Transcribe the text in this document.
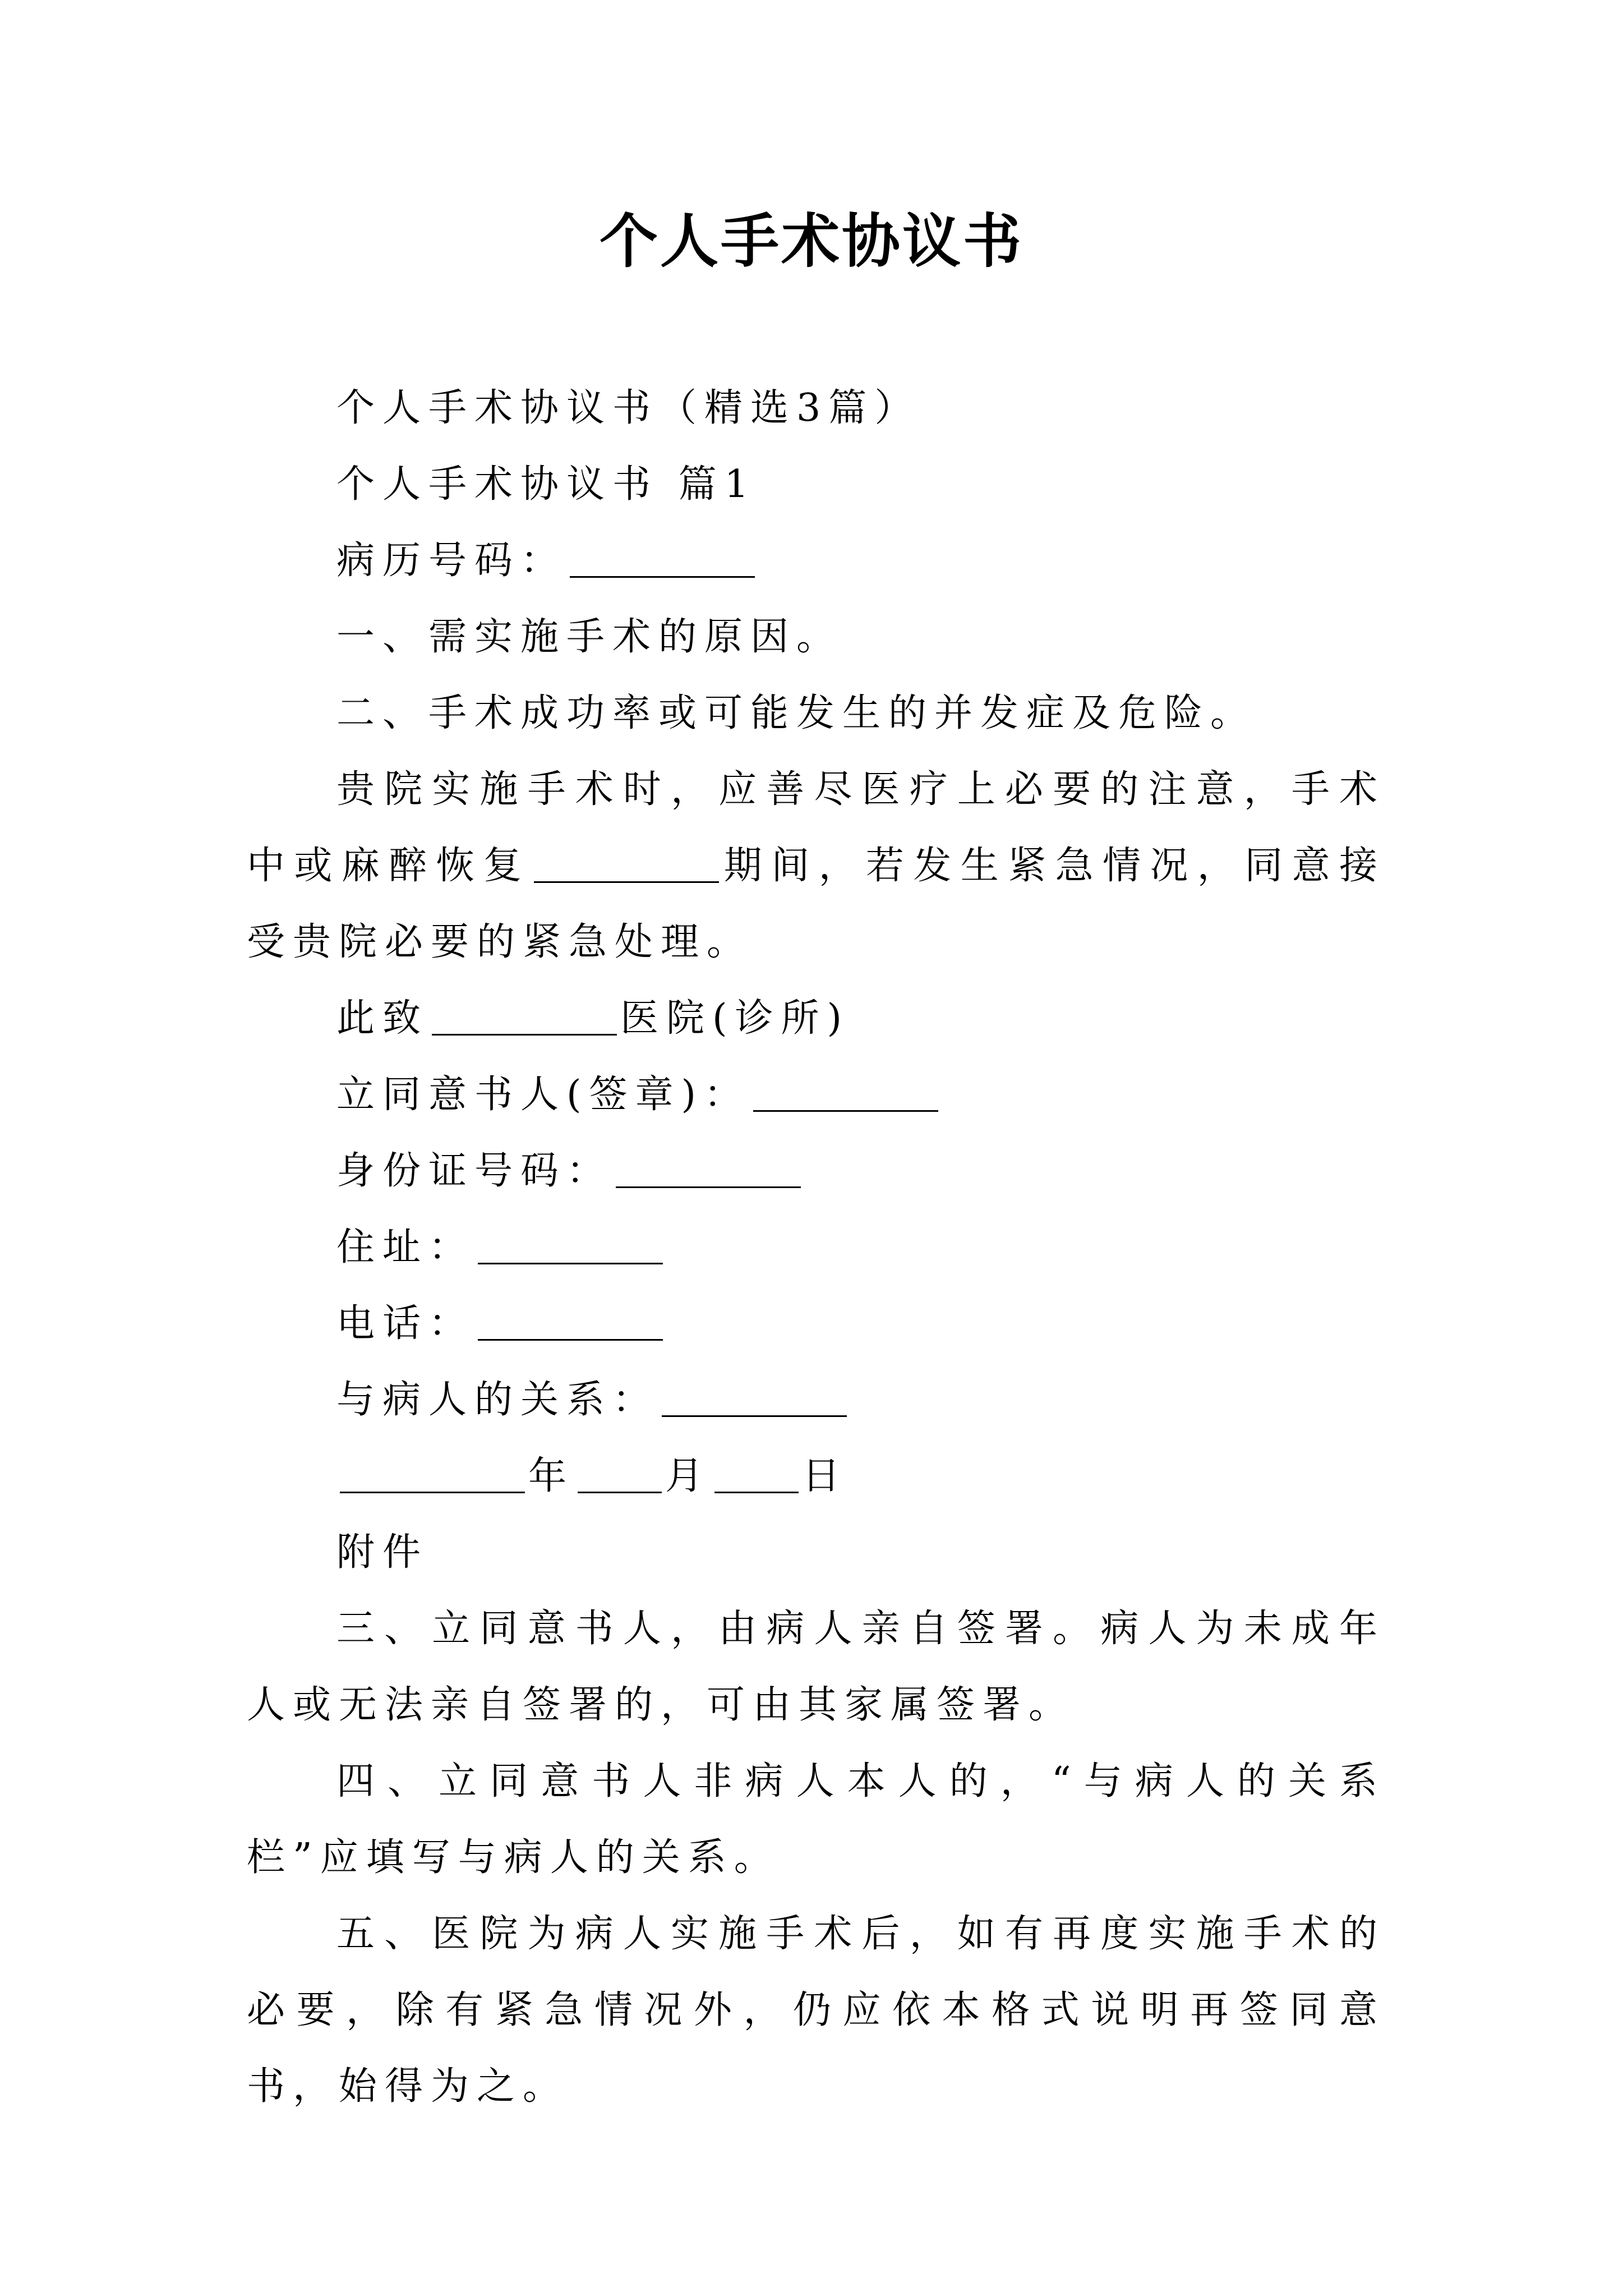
个人手术协议书

个人手术协议书（精选3篇）

个人手术协议书 篇1

病历号码：

一、需实施手术的原因。

二、手术成功率或可能发生的并发症及危险。

贵院实施手术时，应善尽医疗上必要的注意，手术中或麻醉恢复	期间，若发生紧急情况，同意接受贵院必要的紧急处理。

此致	医院(诊所)

立同意书人(签章)：

身份证号码：

住址：

电话：

与病人的关系：

年 月 日

附件

三、立同意书人，由病人亲自签署。病人为未成年人或无法亲自签署的，可由其家属签署。

四、立同意书人非病人本人的，“与病人的关系栏”应填写与病人的关系。

五、医院为病人实施手术后，如有再度实施手术的必要，除有紧急情况外，仍应依本格式说明再签同意书，始得为之。
